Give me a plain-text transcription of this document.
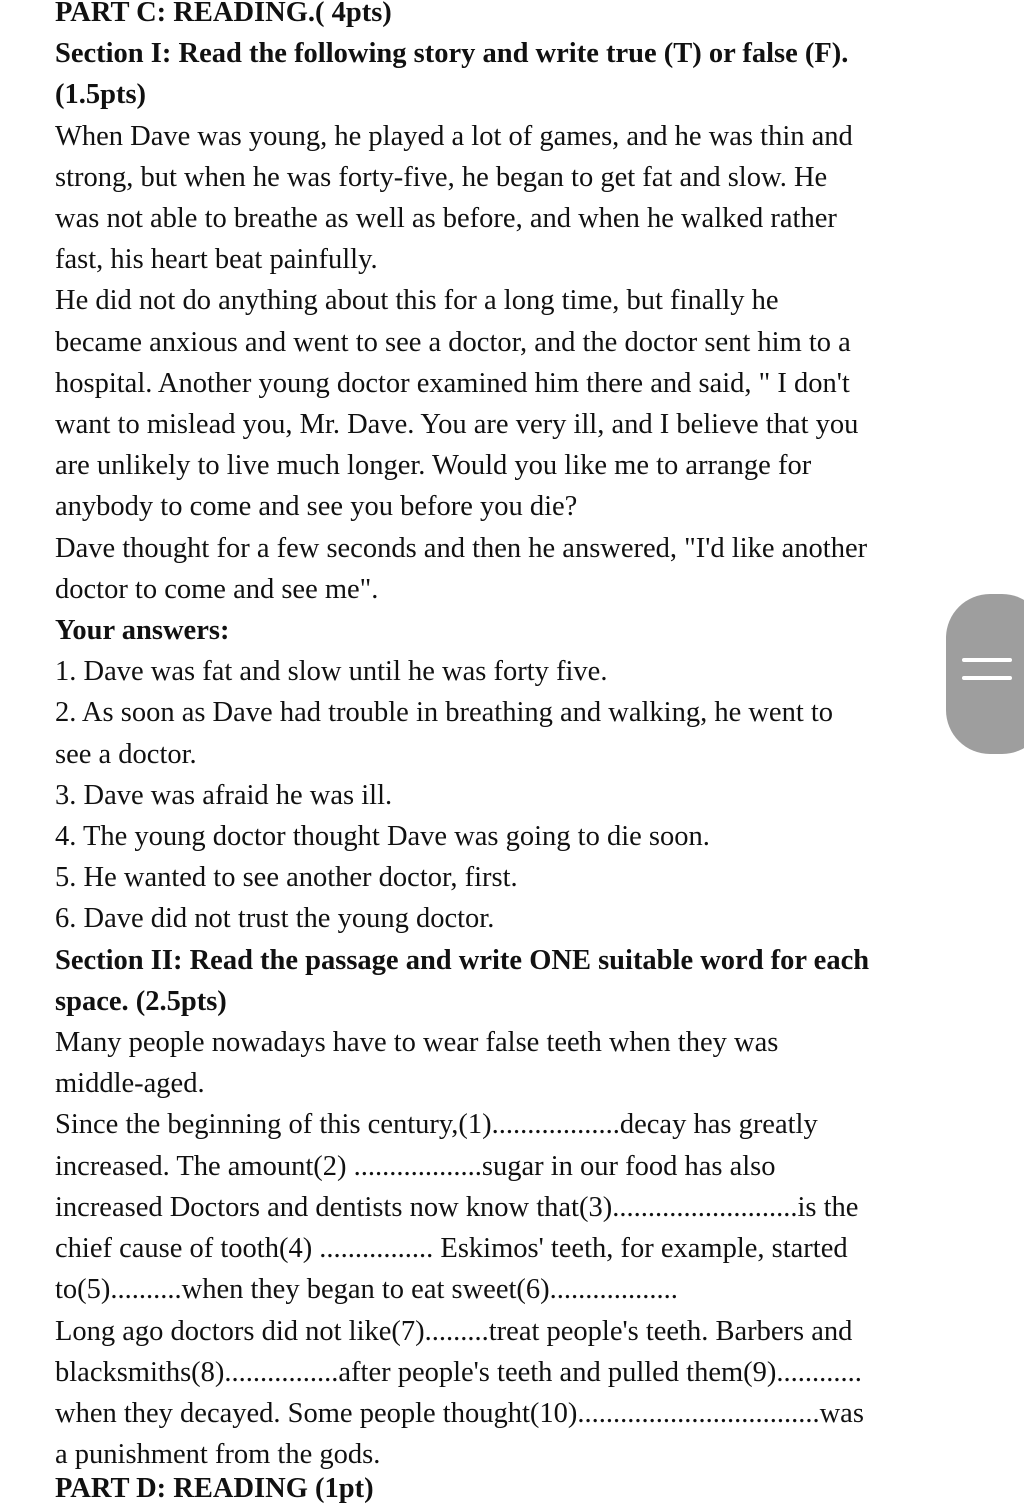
PART C: READING.( 4pts)
Section I: Read the following story and write true (T) or false (F).
(1.5pts)
When Dave was young, he played a lot of games, and he was thin and
strong, but when he was forty-five, he began to get fat and slow. He
was not able to breathe as well as before, and when he walked rather
fast, his heart beat painfully.
He did not do anything about this for a long time, but finally he
became anxious and went to see a doctor, and the doctor sent him to a
hospital. Another young doctor examined him there and said, " I don't
want to mislead you, Mr. Dave. You are very ill, and I believe that you
are unlikely to live much longer. Would you like me to arrange for
anybody to come and see you before you die?
Dave thought for a few seconds and then he answered, "I'd like another
doctor to come and see me".
Your answers:
1. Dave was fat and slow until he was forty five.
2. As soon as Dave had trouble in breathing and walking, he went to
see a doctor.
3. Dave was afraid he was ill.
4. The young doctor thought Dave was going to die soon.
5. He wanted to see another doctor, first.
6. Dave did not trust the young doctor.
Section II: Read the passage and write ONE suitable word for each
space. (2.5pts)
Many people nowadays have to wear false teeth when they was
middle-aged.
Since the beginning of this century,(1)..................decay has greatly
increased. The amount(2) ..................sugar in our food has also
increased Doctors and dentists now know that(3)..........................is the
chief cause of tooth(4) ................ Eskimos' teeth, for example, started
to(5)..........when they began to eat sweet(6)..................
Long ago doctors did not like(7).........treat people's teeth. Barbers and
blacksmiths(8)................after people's teeth and pulled them(9)............
when they decayed. Some people thought(10)..................................was
a punishment from the gods.
PART D: READING (1pt)
